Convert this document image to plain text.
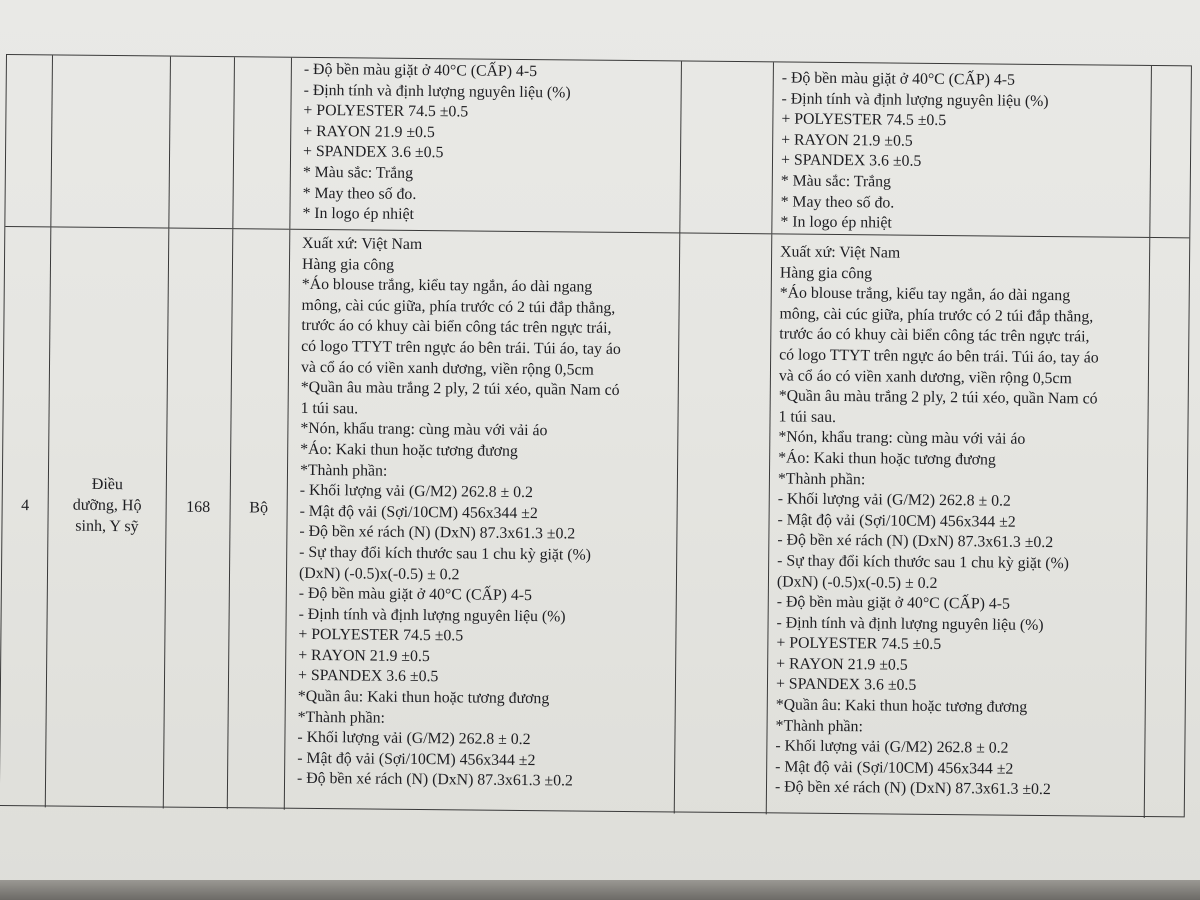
- Độ bền màu giặt ở 40°C (CẤP) 4-5
- Định tính và định lượng nguyên liệu (%)
+ POLYESTER 74.5 ±0.5
+ RAYON 21.9 ±0.5
+ SPANDEX 3.6 ±0.5
* Màu sắc: Trắng
* May theo số đo.
* In logo ép nhiệt
- Độ bền màu giặt ở 40°C (CẤP) 4-5
- Định tính và định lượng nguyên liệu (%)
+ POLYESTER 74.5 ±0.5
+ RAYON 21.9 ±0.5
+ SPANDEX 3.6 ±0.5
* Màu sắc: Trắng
* May theo số đo.
* In logo ép nhiệt
4
Điều
dưỡng, Hộ
sinh, Y sỹ
168	Bộ
Xuất xứ: Việt Nam
Hàng gia công
*Áo blouse trắng, kiểu tay ngắn, áo dài ngang
mông, cài cúc giữa, phía trước có 2 túi đắp thẳng,
trước áo có khuy cài biển công tác trên ngực trái,
có logo TTYT trên ngực áo bên trái. Túi áo, tay áo
và cổ áo có viền xanh dương, viền rộng 0,5cm
*Quần âu màu trắng 2 ply, 2 túi xéo, quần Nam có
1 túi sau.
*Nón, khẩu trang: cùng màu với vải áo
*Áo: Kaki thun hoặc tương đương
*Thành phần:
- Khối lượng vải (G/M2) 262.8 ± 0.2
- Mật độ vải (Sợi/10CM) 456x344 ±2
- Độ bền xé rách (N) (DxN) 87.3x61.3 ±0.2
- Sự thay đổi kích thước sau 1 chu kỳ giặt (%)
(DxN) (-0.5)x(-0.5) ± 0.2
- Độ bền màu giặt ở 40°C (CẤP) 4-5
- Định tính và định lượng nguyên liệu (%)
+ POLYESTER 74.5 ±0.5
+ RAYON 21.9 ±0.5
+ SPANDEX 3.6 ±0.5
*Quần âu: Kaki thun hoặc tương đương
*Thành phần:
- Khối lượng vải (G/M2) 262.8 ± 0.2
- Mật độ vải (Sợi/10CM) 456x344 ±2
- Độ bền xé rách (N) (DxN) 87.3x61.3 ±0.2
Xuất xứ: Việt Nam
Hàng gia công
*Áo blouse trắng, kiểu tay ngắn, áo dài ngang
mông, cài cúc giữa, phía trước có 2 túi đắp thẳng,
trước áo có khuy cài biển công tác trên ngực trái,
có logo TTYT trên ngực áo bên trái. Túi áo, tay áo
và cổ áo có viền xanh dương, viền rộng 0,5cm
*Quần âu màu trắng 2 ply, 2 túi xéo, quần Nam có
1 túi sau.
*Nón, khẩu trang: cùng màu với vải áo
*Áo: Kaki thun hoặc tương đương
*Thành phần:
- Khối lượng vải (G/M2) 262.8 ± 0.2
- Mật độ vải (Sợi/10CM) 456x344 ±2
- Độ bền xé rách (N) (DxN) 87.3x61.3 ±0.2
- Sự thay đổi kích thước sau 1 chu kỳ giặt (%)
(DxN) (-0.5)x(-0.5) ± 0.2
- Độ bền màu giặt ở 40°C (CẤP) 4-5
- Định tính và định lượng nguyên liệu (%)
+ POLYESTER 74.5 ±0.5
+ RAYON 21.9 ±0.5
+ SPANDEX 3.6 ±0.5
*Quần âu: Kaki thun hoặc tương đương
*Thành phần:
- Khối lượng vải (G/M2) 262.8 ± 0.2
- Mật độ vải (Sợi/10CM) 456x344 ±2
- Độ bền xé rách (N) (DxN) 87.3x61.3 ±0.2
